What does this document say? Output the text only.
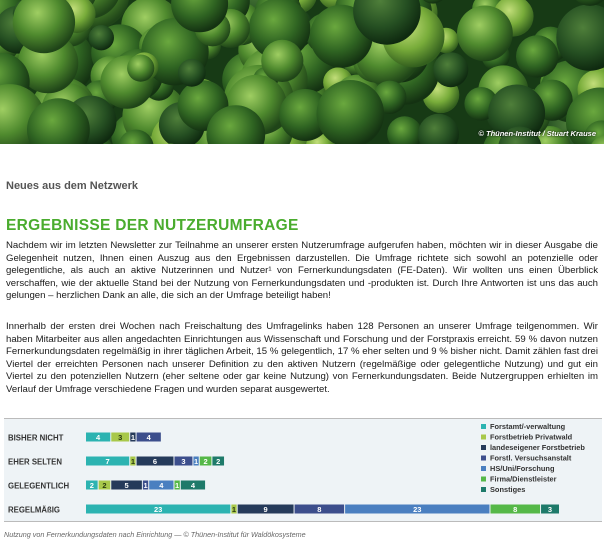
© Thünen-Institut / Stuart Krause
Neues aus dem Netzwerk
ERGEBNISSE DER NUTZERUMFRAGE

Nachdem wir im letzten Newsletter zur Teilnahme an unserer ersten Nutzerumfrage aufgerufen haben, möchten wir in dieser Ausgabe die Gelegenheit nutzen, Ihnen einen Auszug aus den Ergebnissen darzustellen. Die Umfrage richtete sich sowohl an potenzielle oder gelegentliche, als auch an aktive Nutzerinnen und Nutzer¹ von Fernerkundungsdaten (FE-Daten). Wir wollten uns einen Überblick verschaffen, wie der aktuelle Stand bei der Nutzung von Fernerkundungsdaten und -produkten ist. Durch Ihre Antworten ist uns das auch gelungen – herzlichen Dank an alle, die sich an der Umfrage beteiligt haben!

Innerhalb der ersten drei Wochen nach Freischaltung des Umfragelinks haben 128 Personen an unserer Umfrage teilgenommen. Wir haben Mitarbeiter aus allen angedachten Einrichtungen aus Wissenschaft und Forschung und der Forstpraxis erreicht. 59 % davon nutzen Fernerkundungsdaten regelmäßig in ihrer täglichen Arbeit, 15 % gelegentlich, 17 % eher selten und 9 % bisher nicht. Damit zählen fast drei Viertel der erreichten Personen nach unserer Definition zu den aktiven Nutzern (regelmäßige oder gelegentliche Nutzung) und gut ein Viertel zu den potenziellen Nutzern (eher seltene oder gar keine Nutzung) von Fernerkundungsdaten. Beide Nutzergruppen erhielten im Verlauf der Umfrage verschiedene Fragen und wurden separat ausgewertet.

BISHER NICHT	4 3 1 4
EHER SELTEN	7	1 6	3 1 2 2
GELEGENTLICH	2 2 5 1 4 1 4
REGELMÄßIG	23	1	9	8	23	8	3
Forstamt/-verwaltung
Forstbetrieb Privatwald
landeseigener Forstbetrieb
Forstl. Versuchsanstalt
HS/Uni/Forschung
Firma/Dienstleister
Sonstiges
Nutzung von Fernerkundungsdaten nach Einrichtung — © Thünen-Institut für Waldökosysteme
